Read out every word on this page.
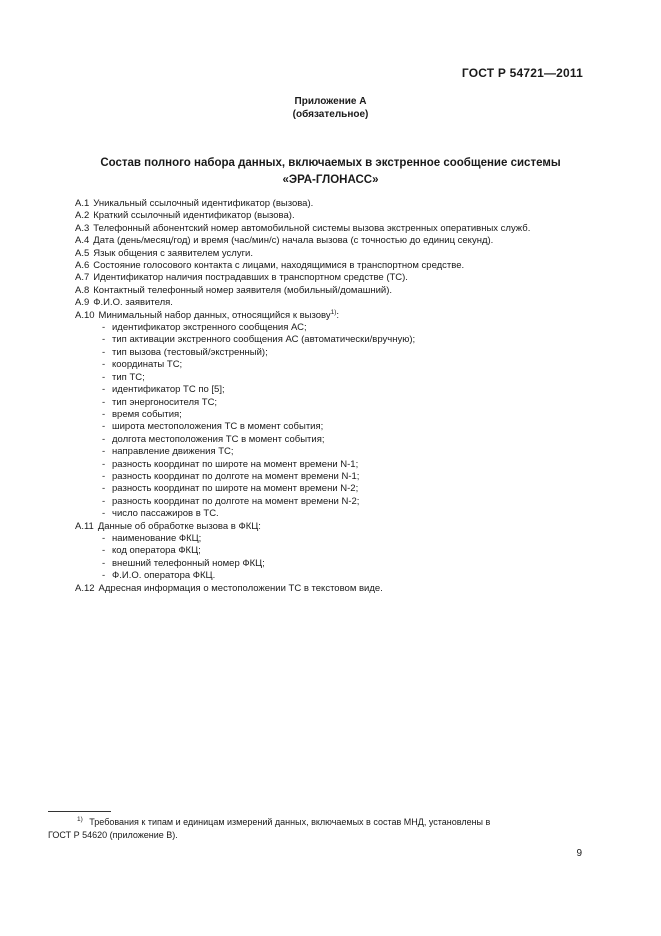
ГОСТ Р 54721—2011
Приложение А
(обязательное)
Состав полного набора данных, включаемых в экстренное сообщение системы
«ЭРА-ГЛОНАСС»
А.1 Уникальный ссылочный идентификатор (вызова).
А.2 Краткий ссылочный идентификатор (вызова).
А.3 Телефонный абонентский номер автомобильной системы вызова экстренных оперативных служб.
А.4 Дата (день/месяц/год) и время (час/мин/с) начала вызова (с точностью до единиц секунд).
А.5 Язык общения с заявителем услуги.
А.6 Состояние голосового контакта с лицами, находящимися в транспортном средстве.
А.7 Идентификатор наличия пострадавших в транспортном средстве (ТС).
А.8 Контактный телефонный номер заявителя (мобильный/домашний).
А.9 Ф.И.О. заявителя.
А.10 Минимальный набор данных, относящийся к вызову$^{1)}$:
- идентификатор экстренного сообщения АС;
- тип активации экстренного сообщения АС (автоматически/вручную);
- тип вызова (тестовый/экстренный);
- координаты ТС;
- тип ТС;
- идентификатор ТС по [5];
- тип энергоносителя ТС;
- время события;
- широта местоположения ТС в момент события;
- долгота местоположения ТС в момент события;
- направление движения ТС;
- разность координат по широте на момент времени N-1;
- разность координат по долготе на момент времени N-1;
- разность координат по широте на момент времени N-2;
- разность координат по долготе на момент времени N-2;
- число пассажиров в ТС.
А.11 Данные об обработке вызова в ФКЦ:
- наименование ФКЦ;
- код оператора ФКЦ;
- внешний телефонный номер ФКЦ;
- Ф.И.О. оператора ФКЦ.
А.12 Адресная информация о местоположении ТС в текстовом виде.
$^{1)}$ Требования к типам и единицам измерений данных, включаемых в состав МНД, установлены в
ГОСТ Р 54620 (приложение В).
9
